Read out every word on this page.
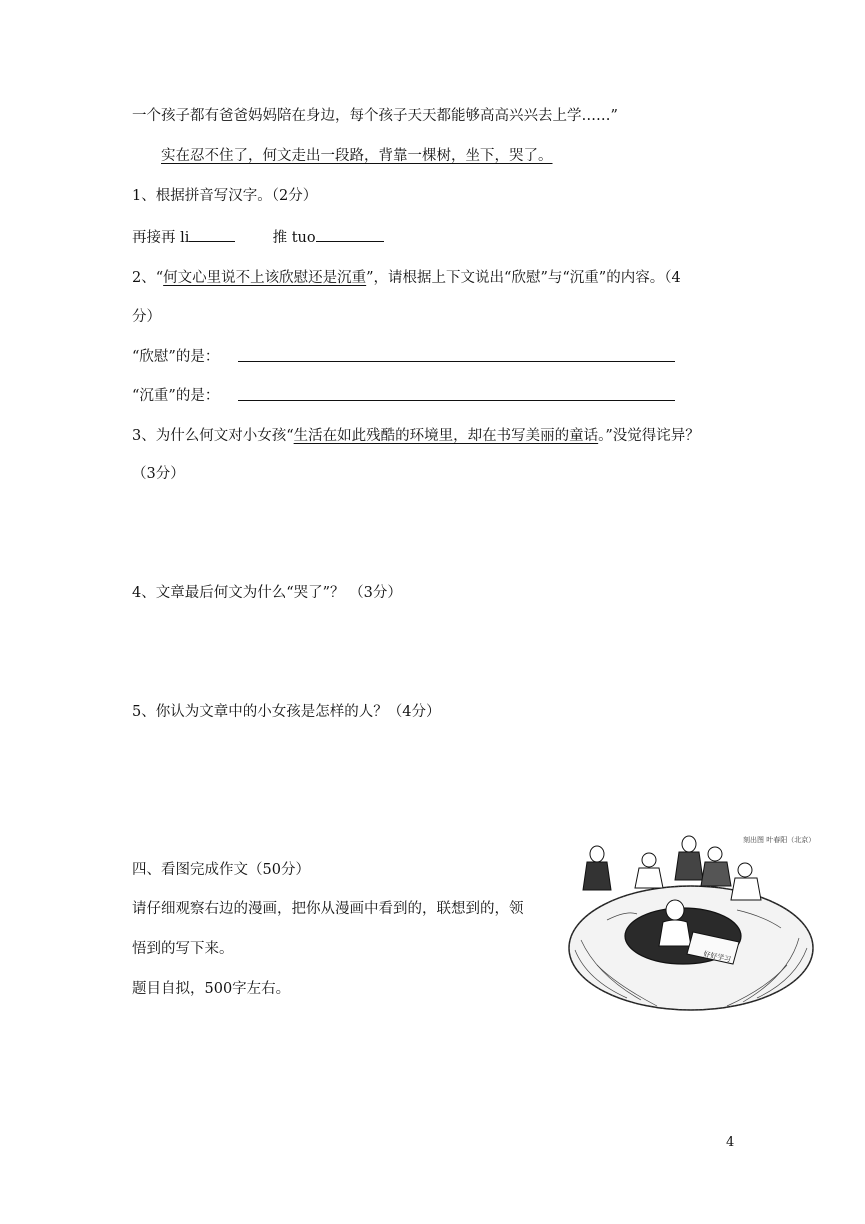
一个孩子都有爸爸妈妈陪在身边，每个孩子天天都能够高高兴兴去上学……”
实在忍不住了，何文走出一段路，背靠一棵树，坐下，哭了。
1、根据拼音写汉字。（2分）
再接再 li	推 tuo
2、“何文心里说不上该欣慰还是沉重”，请根据上下文说出“欣慰”与“沉重”的内容。（4
分）
“欣慰”的是：
“沉重”的是：
3、为什么何文对小女孩“生活在如此残酷的环境里，却在书写美丽的童话。”没觉得诧异？
（3分）
4、文章最后何文为什么“哭了”？ （3分）
5、你认为文章中的小女孩是怎样的人？（4分）
四、看图完成作文（50分）
请仔细观察右边的漫画，把你从漫画中看到的，联想到的，领
悟到的写下来。
题目自拟，500字左右。
刻出图 叶春阳（北京）
好好学习
4
